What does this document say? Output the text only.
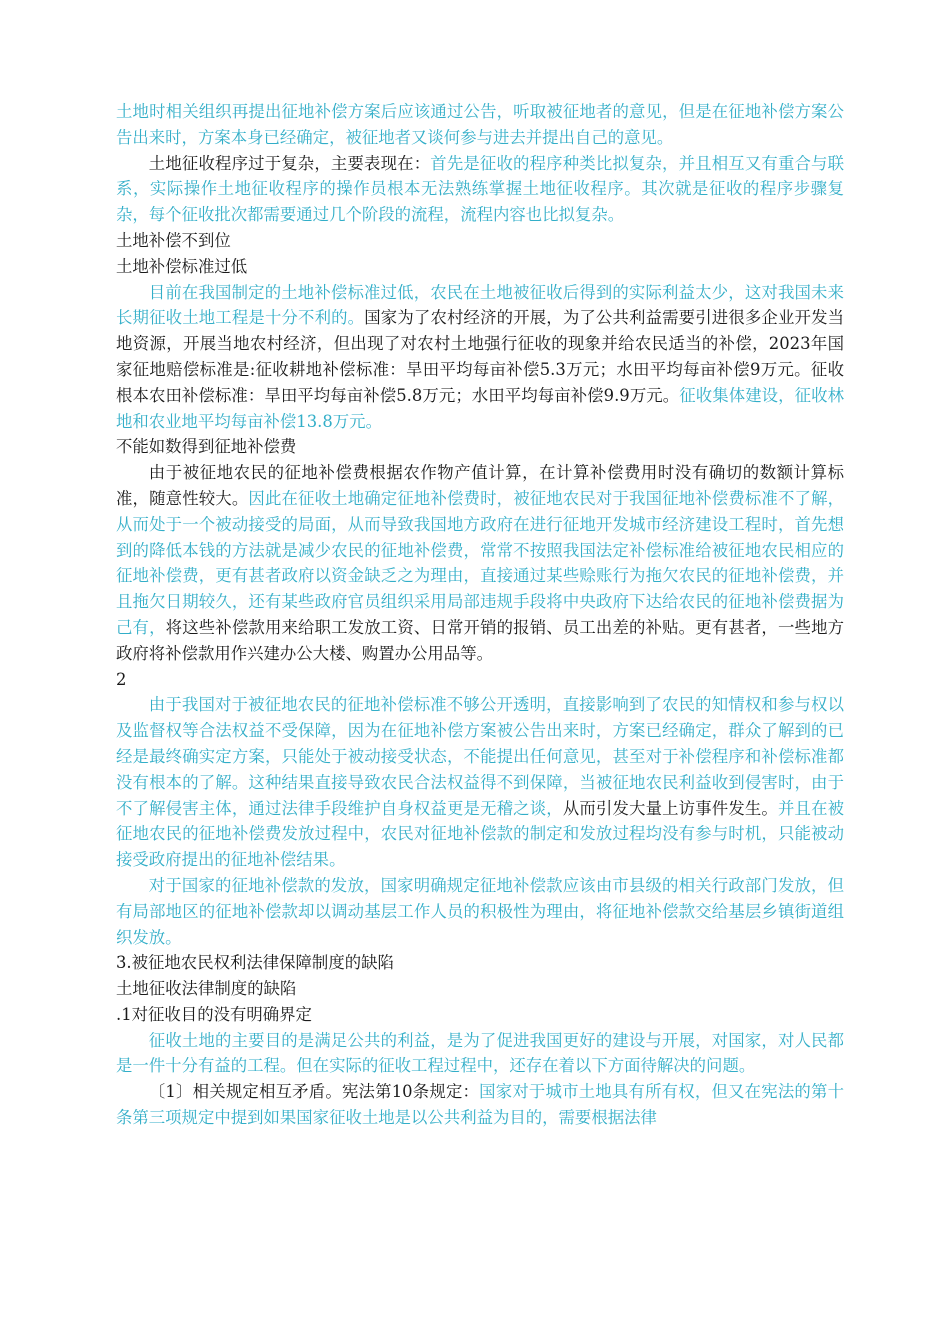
土地时相关组织再提出征地补偿方案后应该通过公告，听取被征地者的意见，但是在征地补偿方案公告出来时，方案本身已经确定，被征地者又谈何参与进去并提出自己的意见。

土地征收程序过于复杂，主要表现在：首先是征收的程序种类比拟复杂，并且相互又有重合与联系，实际操作土地征收程序的操作员根本无法熟练掌握土地征收程序。其次就是征收的程序步骤复杂，每个征收批次都需要通过几个阶段的流程，流程内容也比拟复杂。

土地补偿不到位

土地补偿标准过低

目前在我国制定的土地补偿标准过低，农民在土地被征收后得到的实际利益太少，这对我国未来长期征收土地工程是十分不利的。国家为了农村经济的开展，为了公共利益需要引进很多企业开发当地资源，开展当地农村经济，但出现了对农村土地强行征收的现象并给农民适当的补偿，2023年国家征地赔偿标准是:征收耕地补偿标准：旱田平均每亩补偿5.3万元；水田平均每亩补偿9万元。征收根本农田补偿标准：旱田平均每亩补偿5.8万元；水田平均每亩补偿9.9万元。征收集体建设，征收林地和农业地平均每亩补偿13.8万元。

不能如数得到征地补偿费

由于被征地农民的征地补偿费根据农作物产值计算，在计算补偿费用时没有确切的数额计算标准，随意性较大。因此在征收土地确定征地补偿费时，被征地农民对于我国征地补偿费标准不了解，从而处于一个被动接受的局面，从而导致我国地方政府在进行征地开发城市经济建设工程时，首先想到的降低本钱的方法就是减少农民的征地补偿费，常常不按照我国法定补偿标准给被征地农民相应的征地补偿费，更有甚者政府以资金缺乏之为理由，直接通过某些赊账行为拖欠农民的征地补偿费，并且拖欠日期较久，还有某些政府官员组织采用局部违规手段将中央政府下达给农民的征地补偿费据为己有，将这些补偿款用来给职工发放工资、日常开销的报销、员工出差的补贴。更有甚者，一些地方政府将补偿款用作兴建办公大楼、购置办公用品等。

2

由于我国对于被征地农民的征地补偿标准不够公开透明，直接影响到了农民的知情权和参与权以及监督权等合法权益不受保障，因为在征地补偿方案被公告出来时，方案已经确定，群众了解到的已经是最终确实定方案，只能处于被动接受状态，不能提出任何意见，甚至对于补偿程序和补偿标准都没有根本的了解。这种结果直接导致农民合法权益得不到保障，当被征地农民利益收到侵害时，由于不了解侵害主体，通过法律手段维护自身权益更是无稽之谈，从而引发大量上访事件发生。并且在被征地农民的征地补偿费发放过程中，农民对征地补偿款的制定和发放过程均没有参与时机，只能被动接受政府提出的征地补偿结果。

对于国家的征地补偿款的发放，国家明确规定征地补偿款应该由市县级的相关行政部门发放，但有局部地区的征地补偿款却以调动基层工作人员的积极性为理由，将征地补偿款交给基层乡镇街道组织发放。

3.被征地农民权利法律保障制度的缺陷

土地征收法律制度的缺陷

.1对征收目的没有明确界定

征收土地的主要目的是满足公共的利益，是为了促进我国更好的建设与开展，对国家，对人民都是一件十分有益的工程。但在实际的征收工程过程中，还存在着以下方面待解决的问题。

〔1〕相关规定相互矛盾。宪法第10条规定：国家对于城市土地具有所有权，但又在宪法的第十条第三项规定中提到如果国家征收土地是以公共利益为目的，需要根据法律
